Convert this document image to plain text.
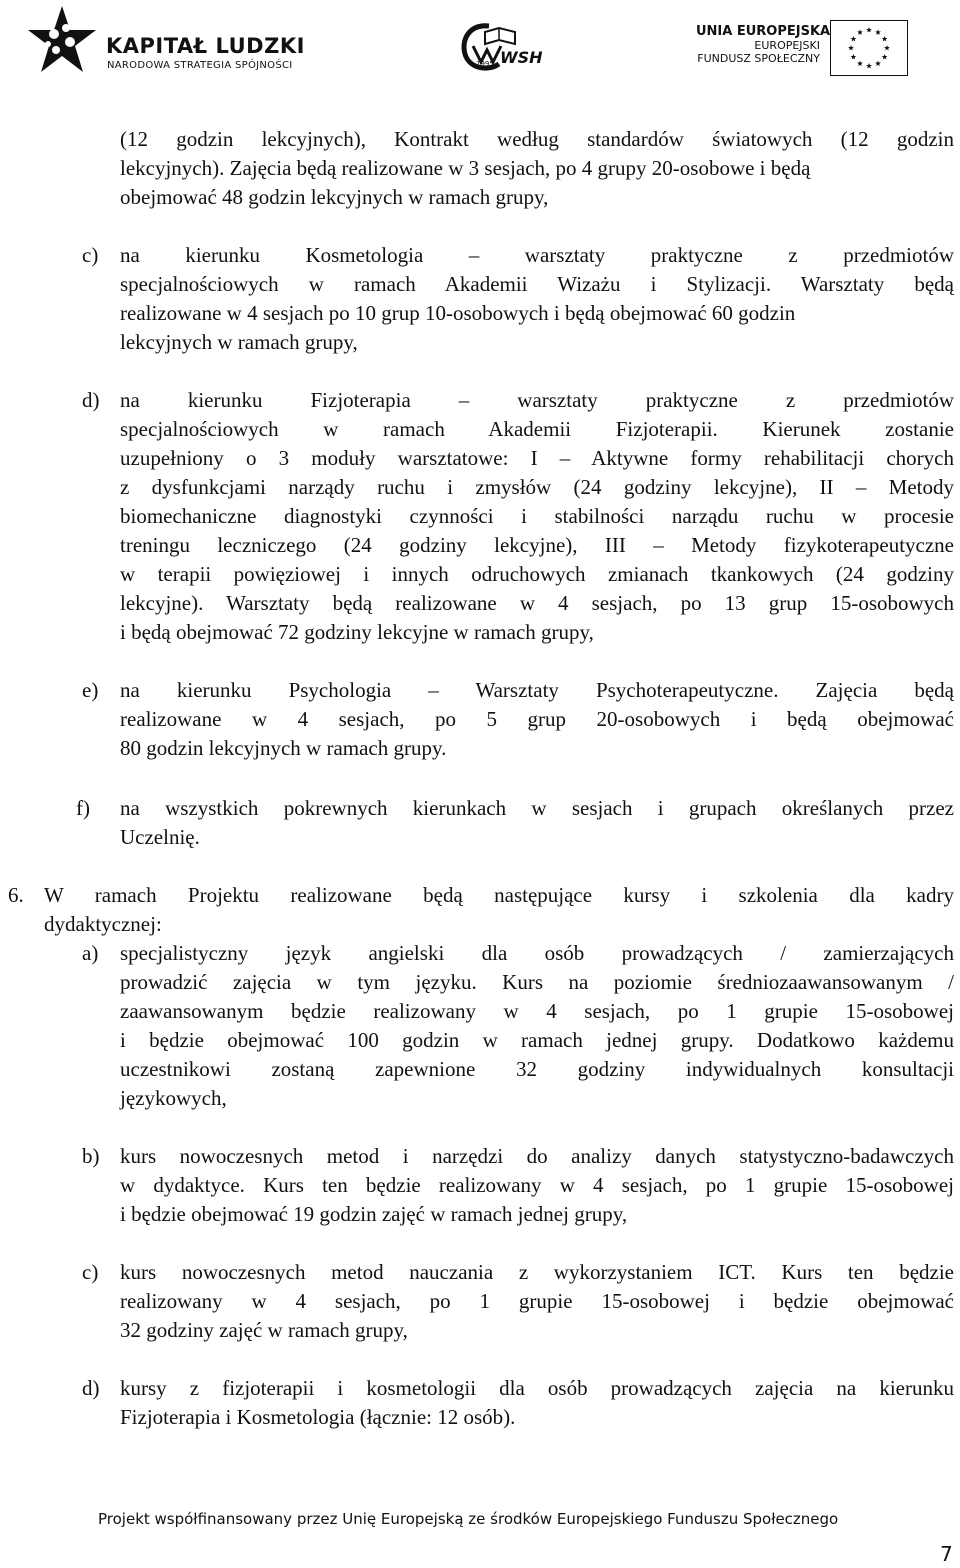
KAPITAŁ LUDZKI
NARODOWA STRATEGIA SPÓJNOŚCI	WSH
1995
UNIA EUROPEJSKA
EUROPEJSKI
FUNDUSZ SPOŁECZNY
(12 godzin lekcyjnych), Kontrakt według standardów światowych (12 godzin
lekcyjnych). Zajęcia będą realizowane w 3 sesjach, po 4 grupy 20-osobowe i będą
obejmować 48 godzin lekcyjnych w ramach grupy,
c) na kierunku Kosmetologia – warsztaty praktyczne z przedmiotów
specjalnościowych w ramach Akademii Wizażu i Stylizacji. Warsztaty będą
realizowane w 4 sesjach po 10 grup 10-osobowych i będą obejmować 60 godzin
lekcyjnych w ramach grupy,
d) na kierunku Fizjoterapia – warsztaty praktyczne z przedmiotów
specjalnościowych w ramach Akademii Fizjoterapii. Kierunek zostanie
uzupełniony o 3 moduły warsztatowe: I – Aktywne formy rehabilitacji chorych
z dysfunkcjami narządy ruchu i zmysłów (24 godziny lekcyjne), II – Metody
biomechaniczne diagnostyki czynności i stabilności narządu ruchu w procesie
treningu leczniczego (24 godziny lekcyjne), III – Metody fizykoterapeutyczne
w terapii powięziowej i innych odruchowych zmianach tkankowych (24 godziny
lekcyjne). Warsztaty będą realizowane w 4 sesjach, po 13 grup 15-osobowych
i będą obejmować 72 godziny lekcyjne w ramach grupy,
e) na kierunku Psychologia – Warsztaty Psychoterapeutyczne. Zajęcia będą
realizowane w 4 sesjach, po 5 grup 20-osobowych i będą obejmować
80 godzin lekcyjnych w ramach grupy.
f) na wszystkich pokrewnych kierunkach w sesjach i grupach określanych przez
Uczelnię.
6. W ramach Projektu realizowane będą następujące kursy i szkolenia dla kadry
dydaktycznej:
a) specjalistyczny język angielski dla osób prowadzących / zamierzających
prowadzić zajęcia w tym języku. Kurs na poziomie średniozaawansowanym /
zaawansowanym będzie realizowany w 4 sesjach, po 1 grupie 15-osobowej
i będzie obejmować 100 godzin w ramach jednej grupy. Dodatkowo każdemu
uczestnikowi zostaną zapewnione 32 godziny indywidualnych konsultacji
językowych,
b) kurs nowoczesnych metod i narzędzi do analizy danych statystyczno-badawczych
w dydaktyce. Kurs ten będzie realizowany w 4 sesjach, po 1 grupie 15-osobowej
i będzie obejmować 19 godzin zajęć w ramach jednej grupy,
c) kurs nowoczesnych metod nauczania z wykorzystaniem ICT. Kurs ten będzie
realizowany w 4 sesjach, po 1 grupie 15-osobowej i będzie obejmować
32 godziny zajęć w ramach grupy,
d) kursy z fizjoterapii i kosmetologii dla osób prowadzących zajęcia na kierunku
Fizjoterapia i Kosmetologia (łącznie: 12 osób).
Projekt współfinansowany przez Unię Europejską ze środków Europejskiego Funduszu Społecznego
7
